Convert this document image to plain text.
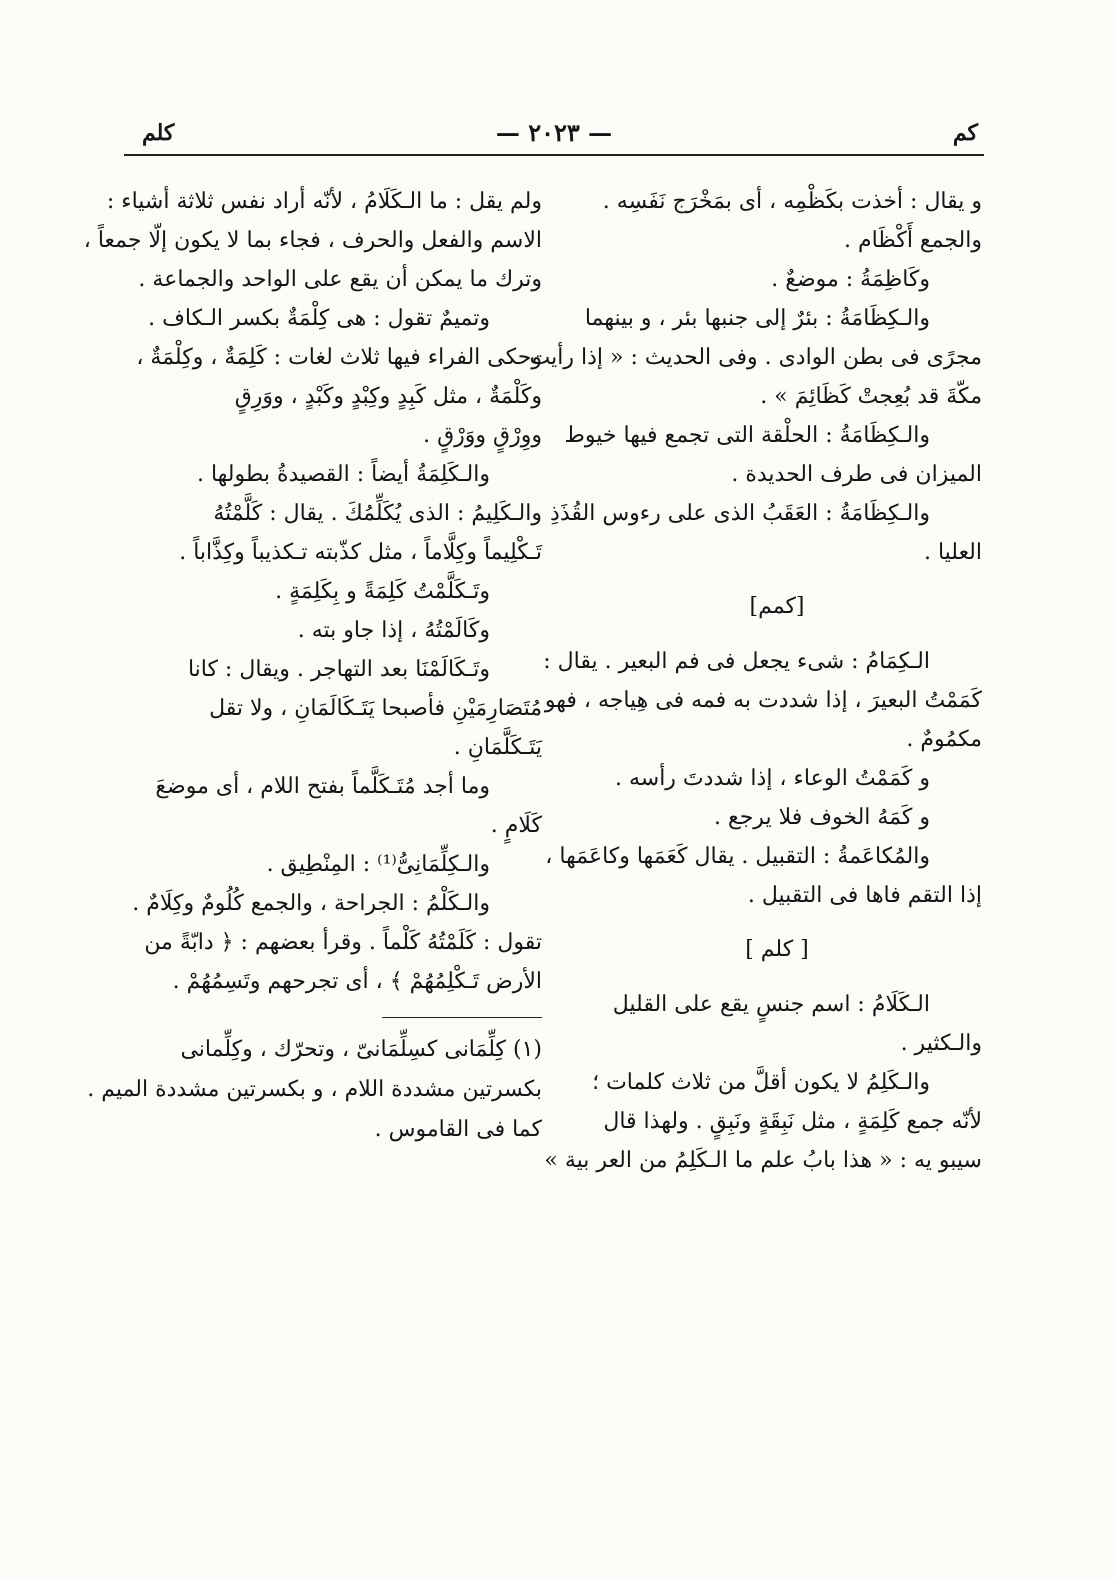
كم
— ٢٠٢٣ —
كلم
و يقال : أخذت بكَظْمِه ، أى بمَخْرَج نَفَسِه .
والجمع أَكْظَام .
وكَاظِمَةُ : موضعٌ .
والـكِظَامَةُ : بئرٌ إلى جنبها بئر ، و بينهما
مجرًى فى بطن الوادى . وفى الحديث : « إذا رأيت
مكّةَ قد بُعِجتْ كَظَائِمَ » .
والـكِظَامَةُ : الحلْقة التى تجمع فيها خيوط
الميزان فى طرف الحديدة .
والـكِظَامَةُ : العَقَبُ الذى على رءوس القُذَذِ
العليا .
[كمم]
الـكِمَامُ : شىء يجعل فى فم البعير . يقال :
كَمَمْتُ البعيرَ ، إذا شددت به فمه فى هِياجه ، فهو
مكمُومٌ .
و كَمَمْتُ الوعاء ، إذا شددتَ رأسه .
و كَمَهُ الخوف فلا يرجع .
والمُكاعَمةُ : التقبيل . يقال كَعَمَها وكاعَمَها ،
إذا التقم فاها فى التقبيل .
[ كلم ]
الـكَلَامُ : اسم جنسٍ يقع على القليل
والـكثير .
والـكَلِمُ لا يكون أقلَّ من ثلاث كلمات ؛
لأنّه جمع كَلِمَةٍ ، مثل نَبِقَةٍ ونَبِقٍ . ولهذا قال
سيبو يه : « هذا بابُ علم ما الـكَلِمُ من العر بية »
ولم يقل : ما الـكَلَامُ ، لأنّه أراد نفس ثلاثة أشياء :
الاسم والفعل والحرف ، فجاء بما لا يكون إلّا جمعاً ،
وترك ما يمكن أن يقع على الواحد والجماعة .
وتميمٌ تقول : هى كِلْمَةٌ بكسر الـكاف .
وحكى الفراء فيها ثلاث لغات : كَلِمَةٌ ، وكِلْمَةٌ ،
وكَلْمَةٌ ، مثل كَبِدٍ وكِبْدٍ وكَبْدٍ ، ووَرِقٍ
ووِرْقٍ ووَرْقٍ .
والـكَلِمَةُ أيضاً : القصيدةُ بطولها .
والـكَلِيمُ : الذى يُكَلِّمُكَ . يقال : كَلَّمْتُهُ
تَـكْلِيماً وكِلَّاماً ، مثل كذّبته تـكذيباً وكِذَّاباً .
وتَـكَلَّمْتُ كَلِمَةً و بِكَلِمَةٍ .
وكَالَمْتُهُ ، إذا جاو بته .
وتَـكَالَمْنَا بعد التهاجر . ويقال : كانا
مُتَصَارِمَيْنِ فأصبحا يَتَـكَالَمَانِ ، ولا تقل
يَتَـكَلَّمَانِ .
وما أجد مُتَـكَلَّماً بفتح اللام ، أى موضعَ
كَلَامٍ .
والـكِلِّمَانِىُّ⁽¹⁾ : المِنْطِيق .
والـكَلْمُ : الجراحة ، والجمع كُلُومٌ وكِلَامٌ .
تقول : كَلَمْتُهُ كَلْماً . وقرأ بعضهم : ﴿ دابّةً من
الأرض تَـكْلِمُهُمْ ﴾ ، أى تجرحهم وتَسِمُهُمْ .
(١) كِلِّمَانى كسِلِّمَانىّ ، وتحرّك ، وكِلِّمانى
بكسرتين مشددة اللام ، و بكسرتين مشددة الميم .
كما فى القاموس .
